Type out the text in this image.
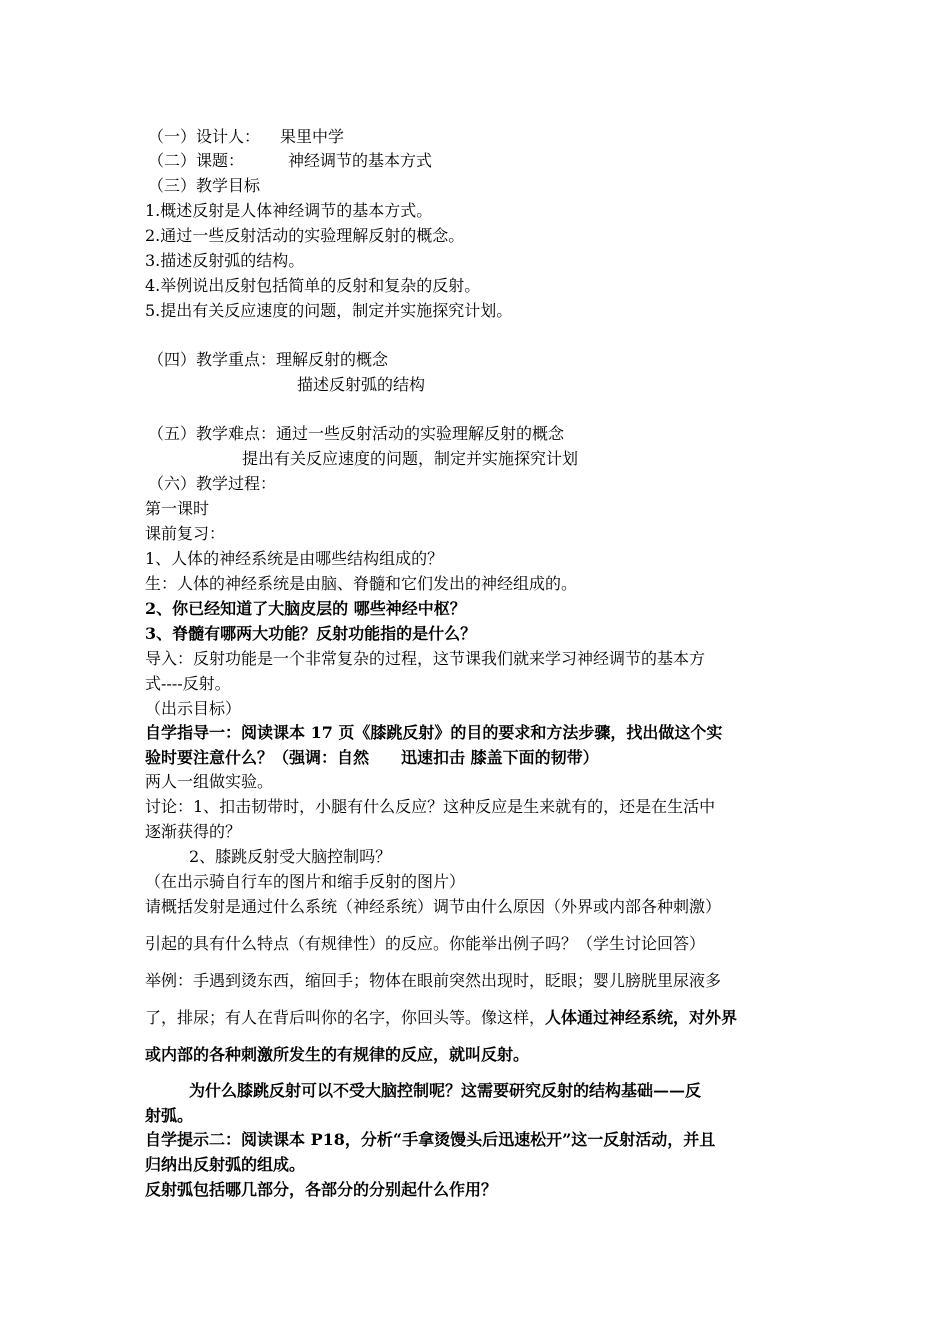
（一）设计人： 果里中学
（二）课题：	神经调节的基本方式
（三）教学目标
1.概述反射是人体神经调节的基本方式。
2.通过一些反射活动的实验理解反射的概念。
3.描述反射弧的结构。
4.举例说出反射包括简单的反射和复杂的反射。
5.提出有关反应速度的问题，制定并实施探究计划。
（四）教学重点：理解反射的概念
描述反射弧的结构
（五）教学难点：通过一些反射活动的实验理解反射的概念
提出有关反应速度的问题，制定并实施探究计划
（六）教学过程：
第一课时
课前复习：
1、人体的神经系统是由哪些结构组成的？
生：人体的神经系统是由脑、脊髓和它们发出的神经组成的。
2、你已经知道了大脑皮层的 哪些神经中枢？
3、脊髓有哪两大功能？反射功能指的是什么？
导入：反射功能是一个非常复杂的过程，这节课我们就来学习神经调节的基本方
式----反射。
（出示目标）
自学指导一：阅读课本 17 页《膝跳反射》的目的要求和方法步骤，找出做这个实
验时要注意什么？（强调：自然　　迅速扣击 膝盖下面的韧带）
两人一组做实验。
讨论：1、扣击韧带时，小腿有什么反应？这种反应是生来就有的，还是在生活中
逐渐获得的？
2、膝跳反射受大脑控制吗？
（在出示骑自行车的图片和缩手反射的图片）
请概括发射是通过什么系统（神经系统）调节由什么原因（外界或内部各种刺激）
引起的具有什么特点（有规律性）的反应。你能举出例子吗？（学生讨论回答）
举例：手遇到烫东西，缩回手；物体在眼前突然出现时，眨眼；婴儿膀胱里尿液多
了，排尿；有人在背后叫你的名字，你回头等。像这样，人体通过神经系统，对外界
或内部的各种刺激所发生的有规律的反应，就叫反射。
为什么膝跳反射可以不受大脑控制呢？这需要研究反射的结构基础——反
射弧。
自学提示二：阅读课本 P18，分析“手拿烫馒头后迅速松开”这一反射活动，并且
归纳出反射弧的组成。
反射弧包括哪几部分，各部分的分别起什么作用？
